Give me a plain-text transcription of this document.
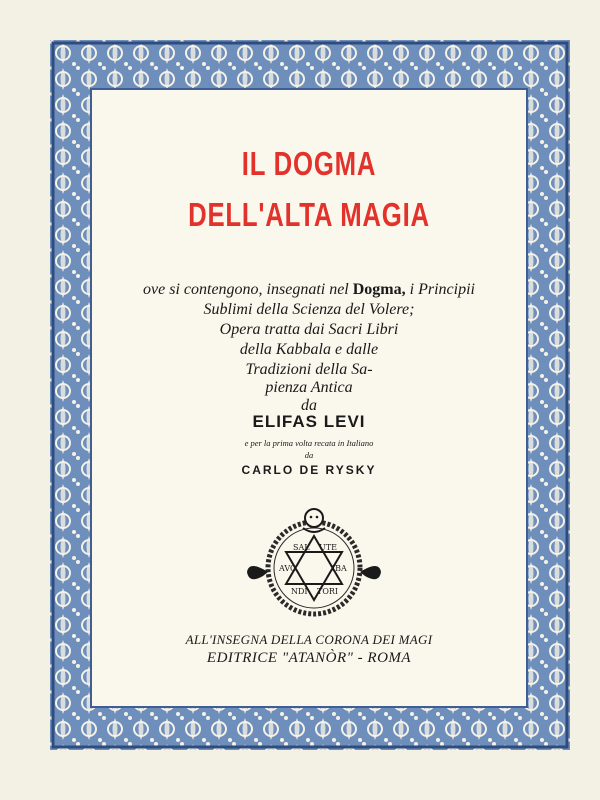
IL DOGMA
DELL'ALTA MAGIA
ove si contengono, insegnati nel Dogma, i Principii
Sublimi della Scienza del Volere;
Opera tratta dai Sacri Libri
della Kabbala e dalle
Tradizioni della Sa-
pienza Antica
da
ELIFAS LEVI
e per la prima volta recata in Italiano
da
CARLO DE RYSKY
SAL UTE
AVO	IBA
NDI TORI
ALL'INSEGNA DELLA CORONA DEI MAGI
EDITRICE "ATANÒR" - ROMA
